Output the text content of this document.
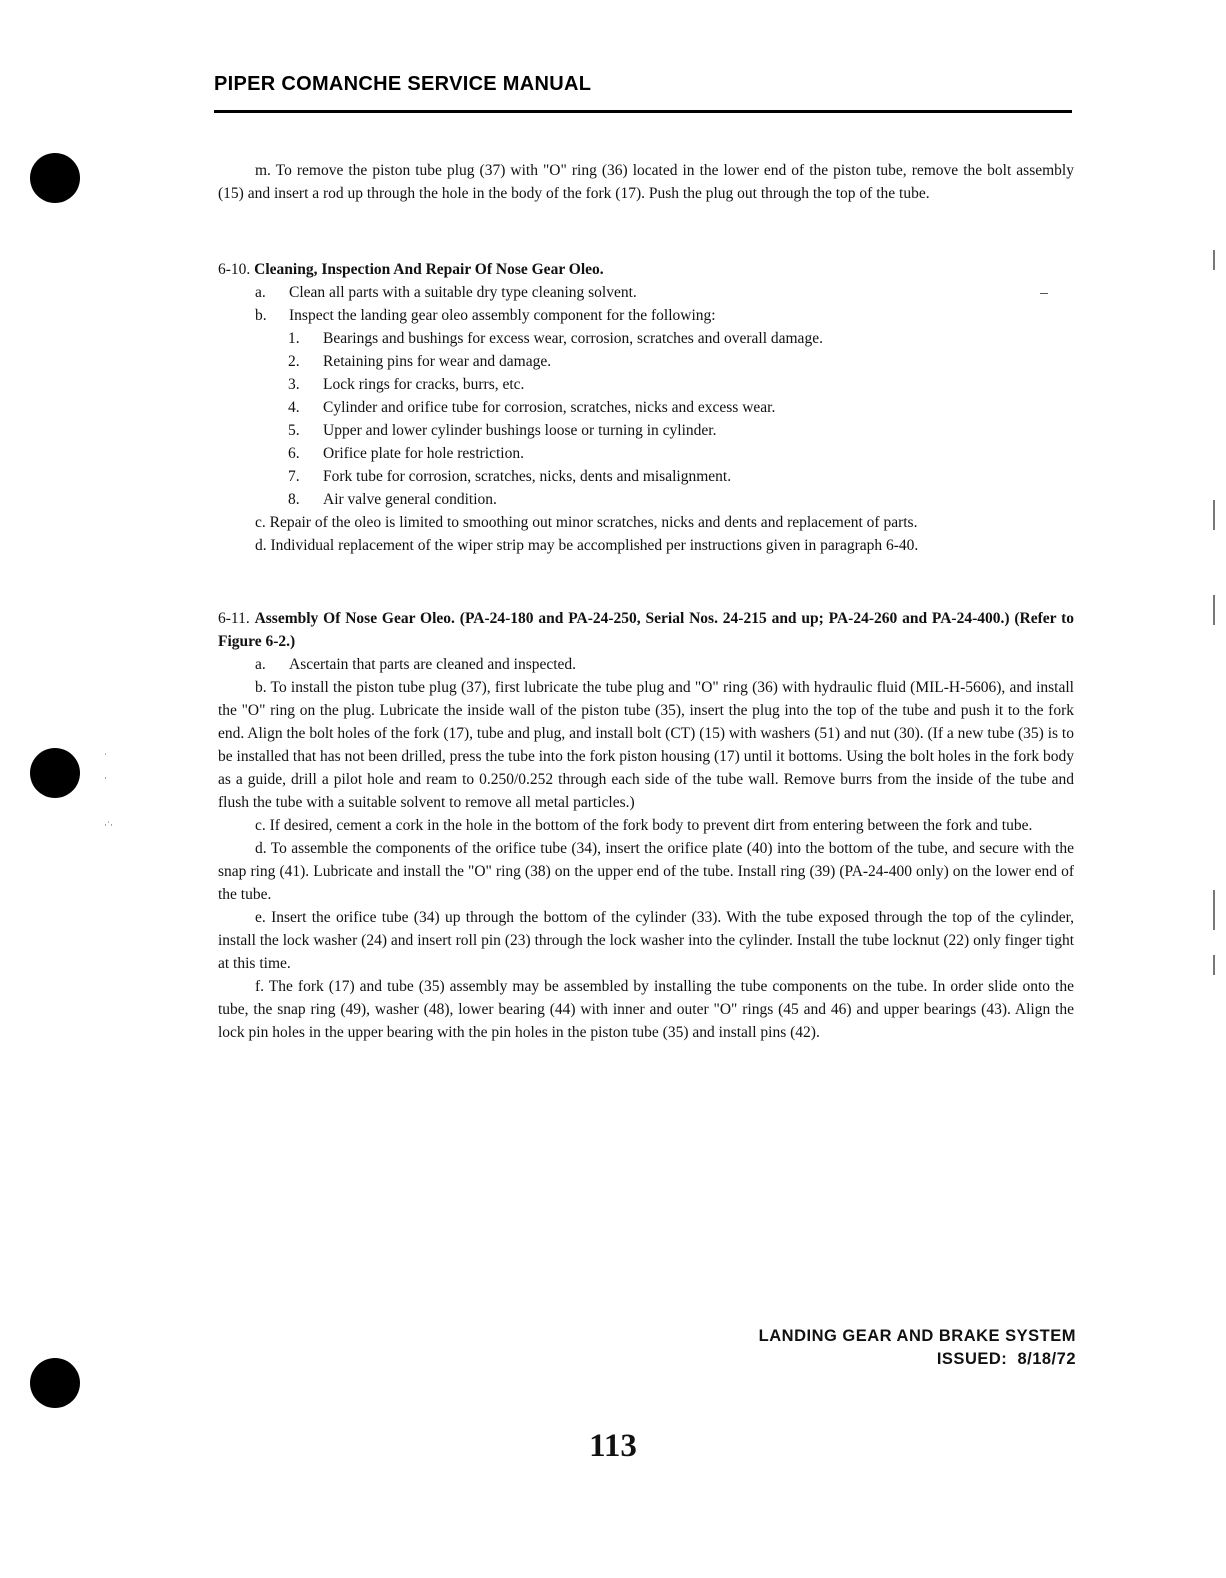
˙
·
·˙·
PIPER COMANCHE SERVICE MANUAL

m. To remove the piston tube plug (37) with "O" ring (36) located in the lower end of the piston tube, remove the bolt assembly (15) and insert a rod up through the hole in the body of the fork (17). Push the plug out through the top of the tube.

6-10. Cleaning, Inspection And Repair Of Nose Gear Oleo.

a. Clean all parts with a suitable dry type cleaning solvent.

b. Inspect the landing gear oleo assembly component for the following:

1. Bearings and bushings for excess wear, corrosion, scratches and overall damage.

2. Retaining pins for wear and damage.

3. Lock rings for cracks, burrs, etc.

4. Cylinder and orifice tube for corrosion, scratches, nicks and excess wear.

5. Upper and lower cylinder bushings loose or turning in cylinder.

6. Orifice plate for hole restriction.

7. Fork tube for corrosion, scratches, nicks, dents and misalignment.

8. Air valve general condition.

c. Repair of the oleo is limited to smoothing out minor scratches, nicks and dents and replacement of parts.

d. Individual replacement of the wiper strip may be accomplished per instructions given in paragraph 6-40.

6-11. Assembly Of Nose Gear Oleo. (PA-24-180 and PA-24-250, Serial Nos. 24-215 and up; PA-24-260 and PA-24-400.) (Refer to Figure 6-2.)

a. Ascertain that parts are cleaned and inspected.

b. To install the piston tube plug (37), first lubricate the tube plug and "O" ring (36) with hydraulic fluid (MIL-H-5606), and install the "O" ring on the plug. Lubricate the inside wall of the piston tube (35), insert the plug into the top of the tube and push it to the fork end. Align the bolt holes of the fork (17), tube and plug, and install bolt (CT) (15) with washers (51) and nut (30). (If a new tube (35) is to be installed that has not been drilled, press the tube into the fork piston housing (17) until it bottoms. Using the bolt holes in the fork body as a guide, drill a pilot hole and ream to 0.250/0.252 through each side of the tube wall. Remove burrs from the inside of the tube and flush the tube with a suitable solvent to remove all metal particles.)

c. If desired, cement a cork in the hole in the bottom of the fork body to prevent dirt from entering between the fork and tube.

d. To assemble the components of the orifice tube (34), insert the orifice plate (40) into the bottom of the tube, and secure with the snap ring (41). Lubricate and install the "O" ring (38) on the upper end of the tube. Install ring (39) (PA-24-400 only) on the lower end of the tube.

e. Insert the orifice tube (34) up through the bottom of the cylinder (33). With the tube exposed through the top of the cylinder, install the lock washer (24) and insert roll pin (23) through the lock washer into the cylinder. Install the tube locknut (22) only finger tight at this time.

f. The fork (17) and tube (35) assembly may be assembled by installing the tube components on the tube. In order slide onto the tube, the snap ring (49), washer (48), lower bearing (44) with inner and outer "O" rings (45 and 46) and upper bearings (43). Align the lock pin holes in the upper bearing with the pin holes in the piston tube (35) and install pins (42).

LANDING GEAR AND BRAKE SYSTEM
ISSUED:  8/18/72
113
